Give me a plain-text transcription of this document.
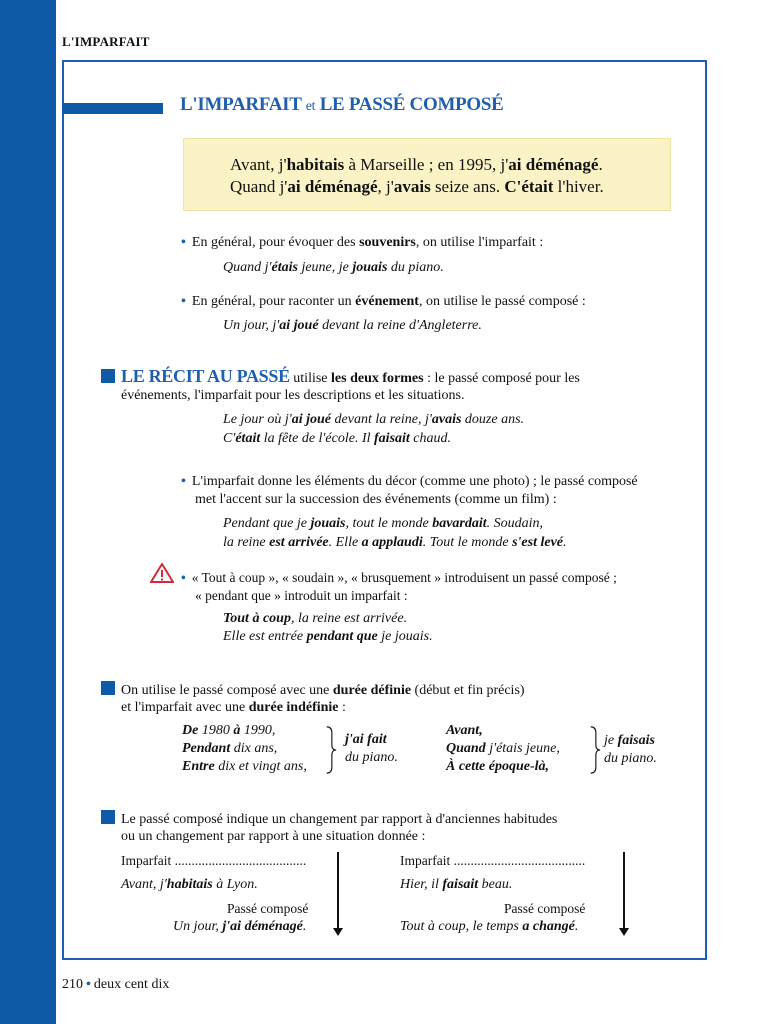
L'IMPARFAIT
L'IMPARFAIT et LE PASSÉ COMPOSÉ
Avant, j'habitais à Marseille ; en 1995, j'ai déménagé.
Quand j'ai déménagé, j'avais seize ans. C'était l'hiver.
• En général, pour évoquer des souvenirs, on utilise l'imparfait :
Quand j'étais jeune, je jouais du piano.
• En général, pour raconter un événement, on utilise le passé composé :
Un jour, j'ai joué devant la reine d'Angleterre.
LE RÉCIT AU PASSÉ utilise les deux formes : le passé composé pour les
événements, l'imparfait pour les descriptions et les situations.
Le jour où j'ai joué devant la reine, j'avais douze ans.
C'était la fête de l'école. Il faisait chaud.
• L'imparfait donne les éléments du décor (comme une photo) ; le passé composé
met l'accent sur la succession des événements (comme un film) :
Pendant que je jouais, tout le monde bavardait. Soudain,
la reine est arrivée. Elle a applaudi. Tout le monde s'est levé.
• « Tout à coup », « soudain », « brusquement » introduisent un passé composé ;
« pendant que » introduit un imparfait :
Tout à coup, la reine est arrivée.
Elle est entrée pendant que je jouais.
On utilise le passé composé avec une durée définie (début et fin précis)
et l'imparfait avec une durée indéfinie :
De 1980 à 1990,
Pendant dix ans,
Entre dix et vingt ans,
j'ai fait
du piano.
Avant,
Quand j'étais jeune,
À cette époque-là,
je faisais
du piano.
Le passé composé indique un changement par rapport à d'anciennes habitudes
ou un changement par rapport à une situation donnée :
Imparfait .......................................
Avant, j'habitais à Lyon.
Passé composé
Un jour, j'ai déménagé.
Imparfait .......................................
Hier, il faisait beau.
Passé composé
Tout à coup, le temps a changé.
210 • deux cent dix
